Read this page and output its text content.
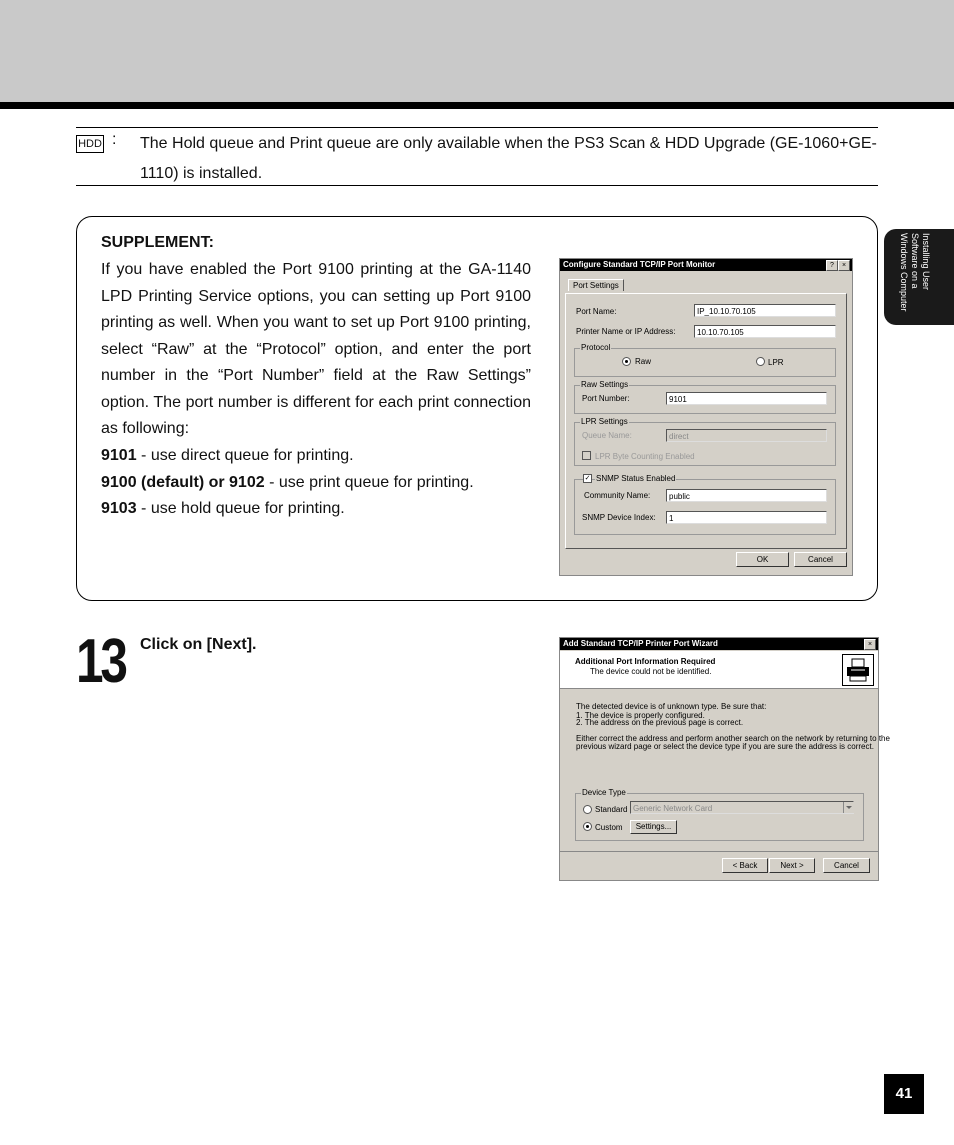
HDD : The Hold queue and Print queue are only available when the PS3 Scan & HDD Upgrade (GE-1060+GE-1110) is installed.
SUPPLEMENT:
If you have enabled the Port 9100 printing at the GA-1140 LPD Printing Service options, you can setting up Port 9100 printing as well. When you want to set up Port 9100 printing, select “Raw” at the “Protocol” option, and enter the port number in the “Port Number” field at the Raw Settings” option. The port number is different for each print connection as following:
9101 - use direct queue for printing.
9100 (default) or 9102 - use print queue for printing.
9103 - use hold queue for printing.
Configure Standard TCP/IP Port Monitor	?	×
Port Settings
Port Name:	IP_10.10.70.105
Printer Name or IP Address:	10.10.70.105
Protocol
Raw	LPR
Raw Settings
Port Number:	9101
LPR Settings
Queue Name:	direct
LPR Byte Counting Enabled
✓ SNMP Status Enabled
Community Name:	public
SNMP Device Index:	1
OK	Cancel
Installing User
Software on a
Windows Computer
13 Click on [Next].	Add Standard TCP/IP Printer Port Wizard	×
Additional Port Information Required
The device could not be identified.
The detected device is of unknown type. Be sure that:
1. The device is properly configured.
2. The address on the previous page is correct.
Either correct the address and perform another search on the network by returning to the
previous wizard page or select the device type if you are sure the address is correct.
Device Type
Standard Generic Network Card
Custom	Settings...
< Back	Next >	Cancel
41
